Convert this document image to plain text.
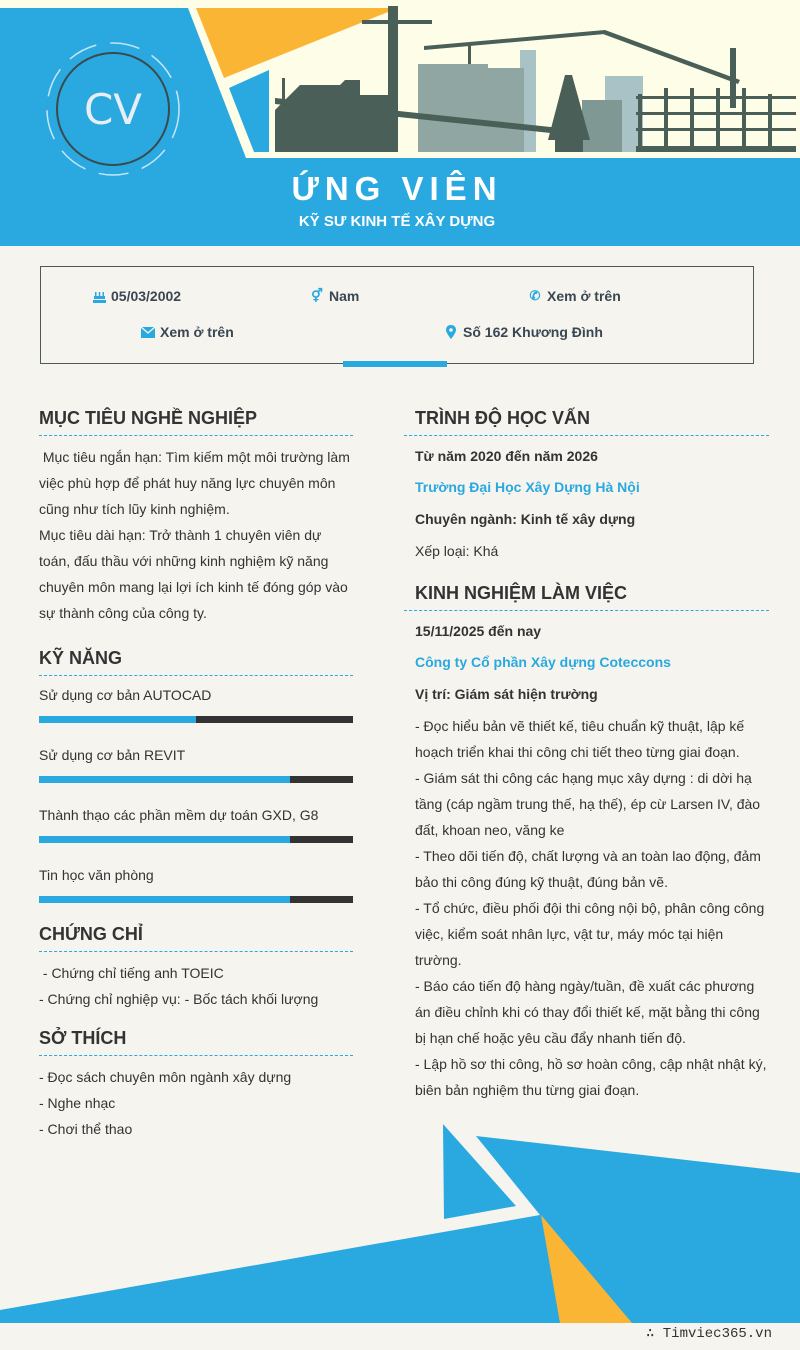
CV
ỨNG VIÊN
KỸ SƯ KINH TẾ XÂY DỰNG
05/03/2002	⚥ Nam	✆ Xem ở trên
Xem ở trên	Số 162 Khương Đình
MỤC TIÊU NGHỀ NGHIỆP
Mục tiêu ngắn hạn: Tìm kiếm một môi trường làm việc phù hợp để phát huy năng lực chuyên môn cũng như tích lũy kinh nghiệm.
Mục tiêu dài hạn: Trở thành 1 chuyên viên dự toán, đấu thầu với những kinh nghiệm kỹ năng chuyên môn mang lại lợi ích kinh tế đóng góp vào sự thành công của công ty.
KỸ NĂNG
Sử dụng cơ bản AUTOCAD
Sử dụng cơ bản REVIT
Thành thạo các phần mềm dự toán GXD, G8
Tin học văn phòng
CHỨNG CHỈ
- Chứng chỉ tiếng anh TOEIC
- Chứng chỉ nghiệp vụ: - Bốc tách khối lượng
SỞ THÍCH
- Đọc sách chuyên môn ngành xây dựng
- Nghe nhạc
- Chơi thể thao
TRÌNH ĐỘ HỌC VẤN
Từ năm 2020 đến năm 2026
Trường Đại Học Xây Dựng Hà Nội
Chuyên ngành: Kinh tế xây dựng
Xếp loại: Khá
KINH NGHIỆM LÀM VIỆC
15/11/2025 đến nay
Công ty Cổ phần Xây dựng Coteccons
Vị trí: Giám sát hiện trường
- Đọc hiểu bản vẽ thiết kế, tiêu chuẩn kỹ thuật, lập kế hoạch triển khai thi công chi tiết theo từng giai đoạn.
- Giám sát thi công các hạng mục xây dựng : di dời hạ tầng (cáp ngầm trung thế, hạ thế), ép cừ Larsen IV, đào đất, khoan neo, văng ke
- Theo dõi tiến độ, chất lượng và an toàn lao động, đảm bảo thi công đúng kỹ thuật, đúng bản vẽ.
- Tổ chức, điều phối đội thi công nội bộ, phân công công việc, kiểm soát nhân lực, vật tư, máy móc tại hiện trường.
- Báo cáo tiến độ hàng ngày/tuần, đề xuất các phương án điều chỉnh khi có thay đổi thiết kế, mặt bằng thi công bị hạn chế hoặc yêu cầu đẩy nhanh tiến độ.
- Lập hồ sơ thi công, hồ sơ hoàn công, cập nhật nhật ký, biên bản nghiệm thu từng giai đoạn.
∴ Timviec365.vn
